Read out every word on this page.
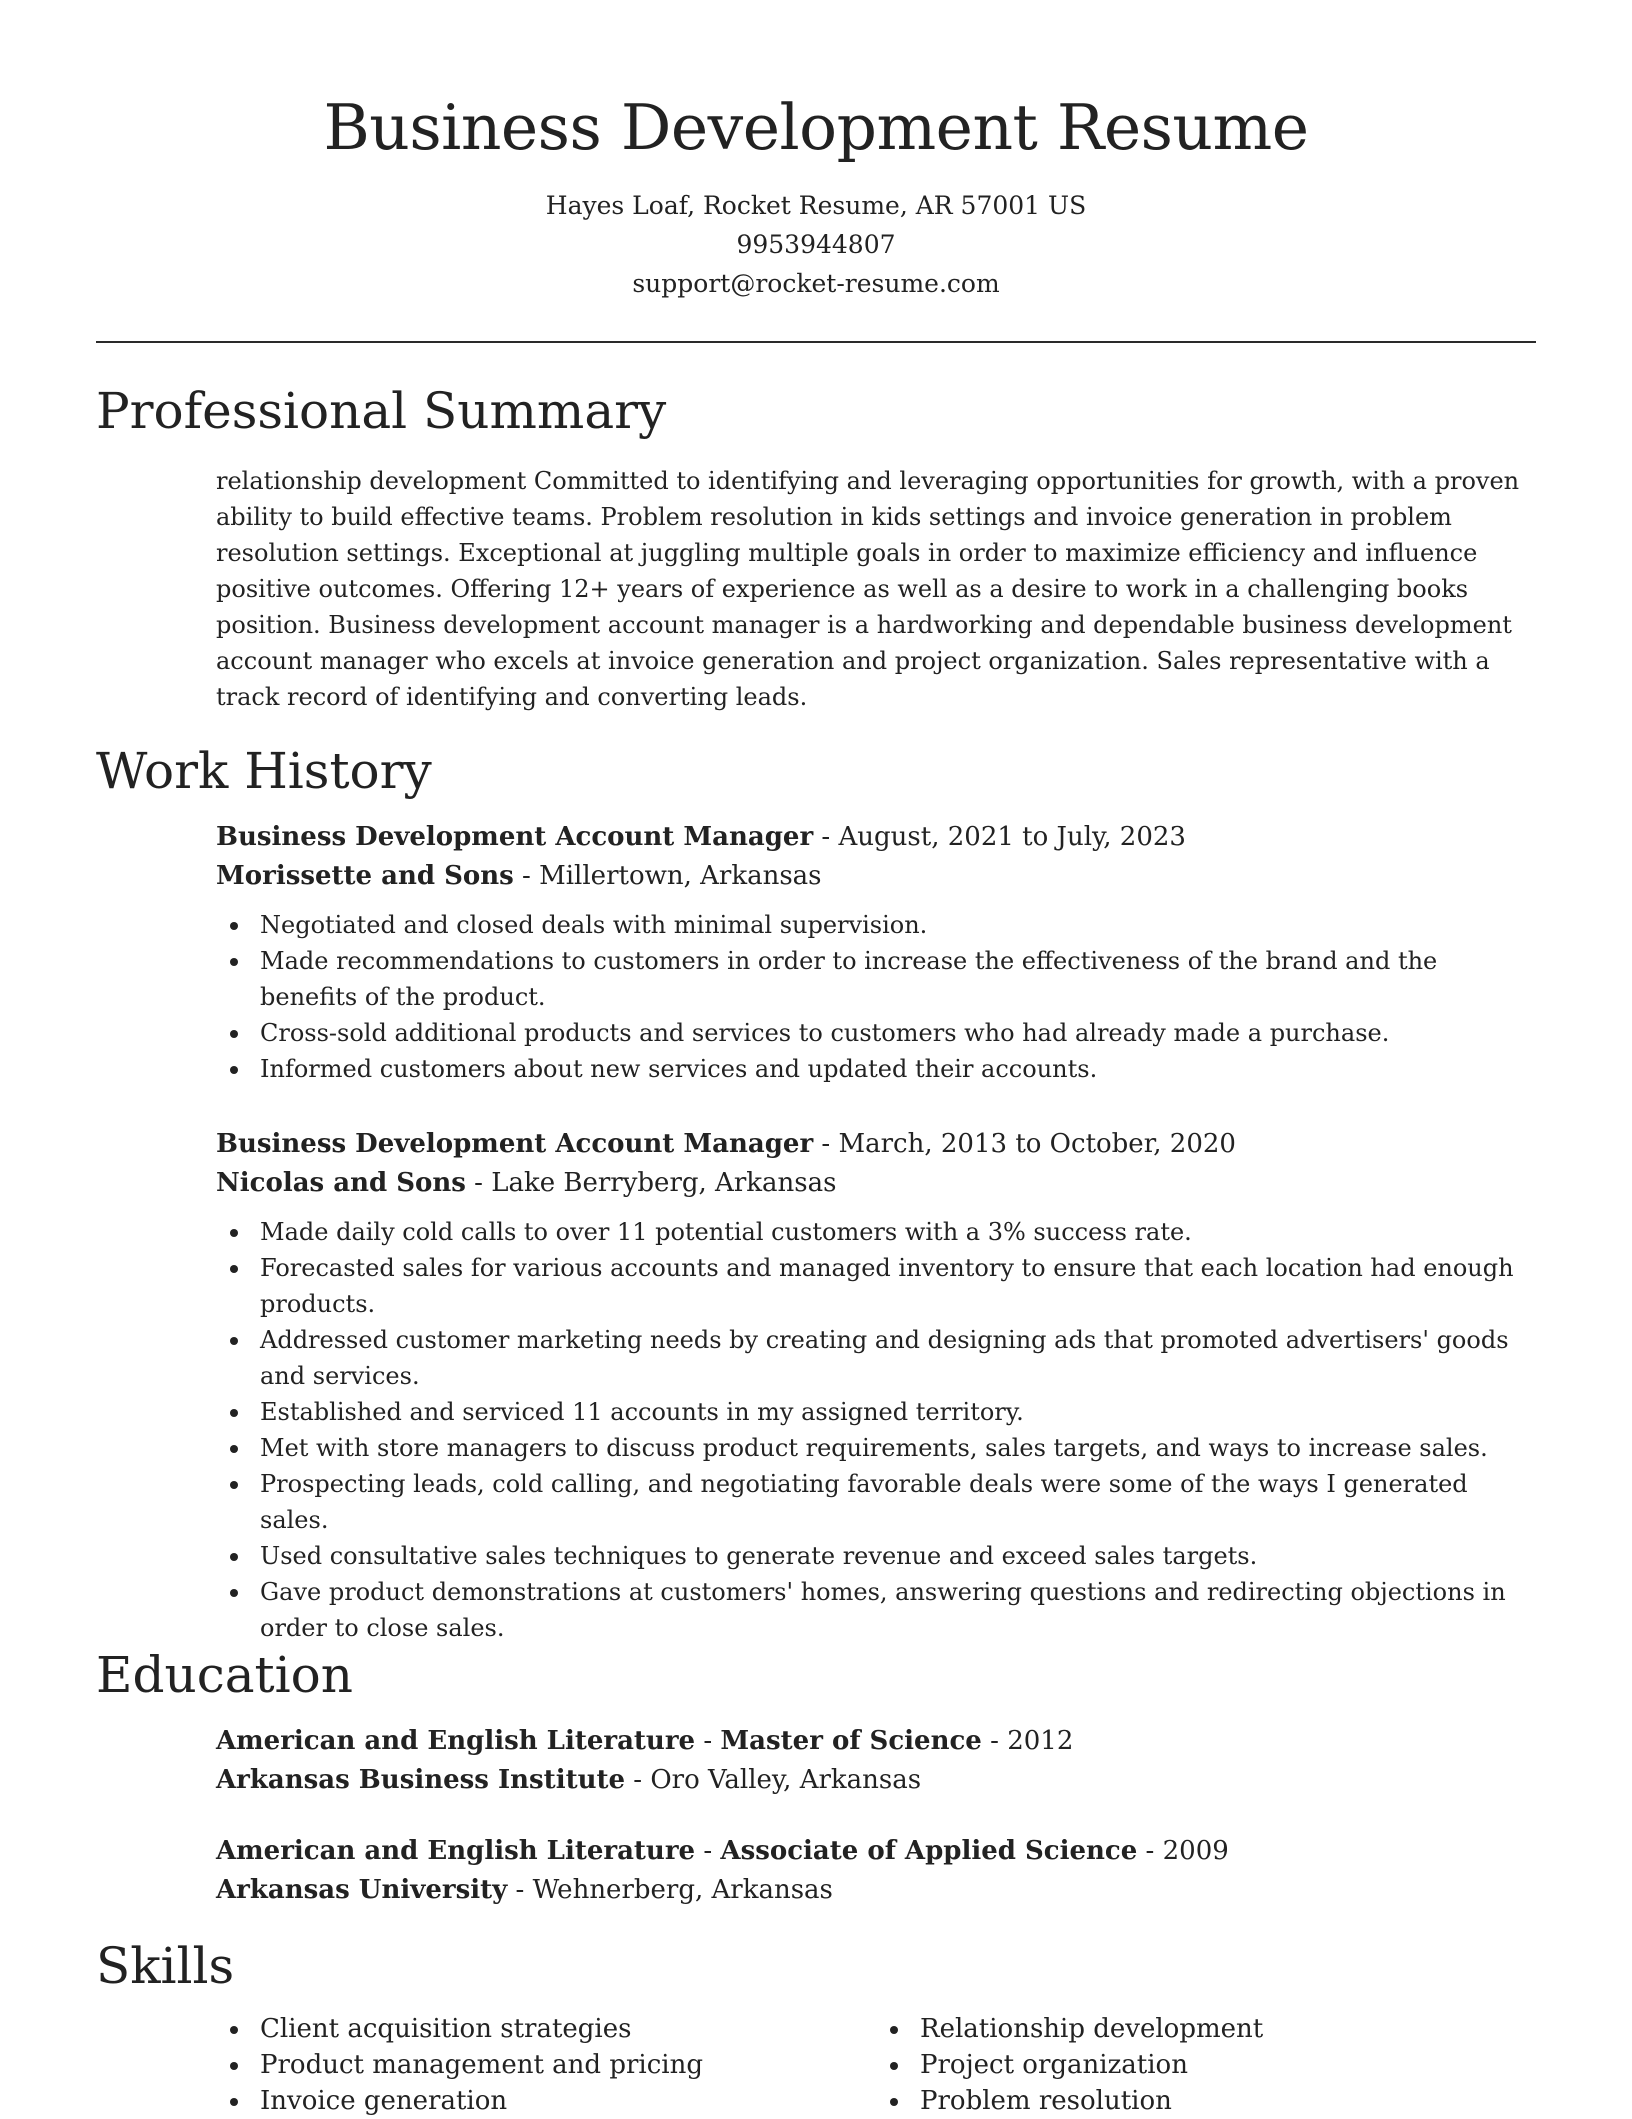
Business Development Resume

Hayes Loaf, Rocket Resume, AR 57001 US

9953944807

support@rocket-resume.com

Professional Summary

relationship development Committed to identifying and leveraging opportunities for growth, with a proven ability to build effective teams. Problem resolution in kids settings and invoice generation in problem resolution settings. Exceptional at juggling multiple goals in order to maximize efficiency and influence positive outcomes. Offering 12+ years of experience as well as a desire to work in a challenging books position. Business development account manager is a hardworking and dependable business development account manager who excels at invoice generation and project organization. Sales representative with a track record of identifying and converting leads.

Work History

Business Development Account Manager - August, 2021 to July, 2023

Morissette and Sons - Millertown, Arkansas

Negotiated and closed deals with minimal supervision.
Made recommendations to customers in order to increase the effectiveness of the brand and the benefits of the product.
Cross-sold additional products and services to customers who had already made a purchase.
Informed customers about new services and updated their accounts.

Business Development Account Manager - March, 2013 to October, 2020

Nicolas and Sons - Lake Berryberg, Arkansas

Made daily cold calls to over 11 potential customers with a 3% success rate.
Forecasted sales for various accounts and managed inventory to ensure that each location had enough products.
Addressed customer marketing needs by creating and designing ads that promoted advertisers' goods and services.
Established and serviced 11 accounts in my assigned territory.
Met with store managers to discuss product requirements, sales targets, and ways to increase sales.
Prospecting leads, cold calling, and negotiating favorable deals were some of the ways I generated sales.
Used consultative sales techniques to generate revenue and exceed sales targets.
Gave product demonstrations at customers' homes, answering questions and redirecting objections in order to close sales.
Education

American and English Literature - Master of Science - 2012

Arkansas Business Institute - Oro Valley, Arkansas

American and English Literature - Associate of Applied Science - 2009

Arkansas University - Wehnerberg, Arkansas

Skills
Client acquisition strategies
Product management and pricing
Invoice generation
Relationship development
Project organization
Problem resolution
